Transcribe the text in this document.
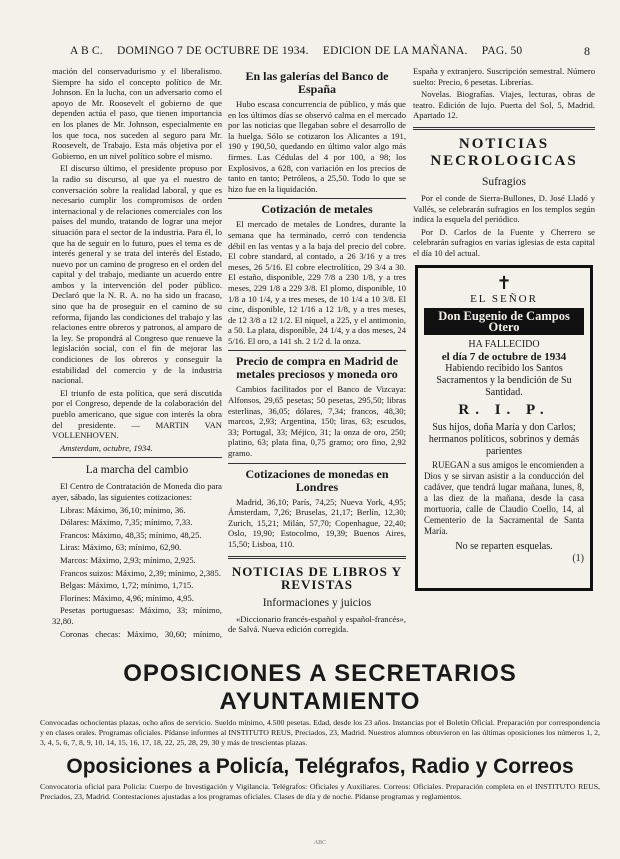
A B C. DOMINGO 7 DE OCTUBRE DE 1934. EDICION DE LA MAÑANA. PAG. 50	8

mación del conservadurismo y el liberalismo. Siempre ha sido el concepto político de Mr. Johnson. En la lucha, con un adversario como el apoyo de Mr. Roosevelt el gobierno de que dependen actúa el paso, que tienen importancia en los planes de Mr. Johnson, especialmente en los que toca, nos suceden al seguro para Mr. Roosevelt, de Trabajo. Esta más objetiva por el Gobierno, en un nivel político sobre el mismo.

El discurso último, el presidente propuso por la radio su discurso, al que ya el nuestro de conversación sobre la realidad laboral, y que es necesario cumplir los compromisos de orden internacional y de relaciones comerciales con los países del mundo, tratando de lograr una mejor situación para el sector de la industria. Para él, lo que ha de seguir en lo futuro, pues el tema es de interés general y se trata del interés del Estado, nuevo por un camino de progreso en el orden del capital y del trabajo, mediante un acuerdo entre ambos y la intervención del poder público. Declaró que la N. R. A. no ha sido un fracaso, sino que ha de proseguir en el camino de su reforma, fijando las condiciones del trabajo y las relaciones entre obreros y patronos, al amparo de la ley. Se propondrá al Congreso que renueve la legislación social, con el fin de mejorar las condiciones de los obreros y conseguir la estabilidad del comercio y de la industria nacional.

El triunfo de esta política, que será discutida por el Congreso, depende de la colaboración del pueblo americano, que sigue con interés la obra del presidente. — MARTIN VAN VOLLENHOVEN.

Amsterdam, octubre, 1934.

La marcha del cambio

El Centro de Contratación de Moneda dio para ayer, sábado, las siguientes cotizaciones:

Libras: Máximo, 36,10; mínimo, 36.

Dólares: Máximo, 7,35; mínimo, 7,33.

Francos: Máximo, 48,35; mínimo, 48,25.

Liras: Máximo, 63; mínimo, 62,90.

Marcos: Máximo, 2,93; mínimo, 2,925.

Francos suizos: Máximo, 2,39; mínimo, 2,385.

Belgas: Máximo, 1,72; mínimo, 1,715.

Florines: Máximo, 4,96; mínimo, 4,95.

Pesetas portuguesas: Máximo, 33; mínimo, 32,80.

Coronas checas: Máximo, 30,60; mínimo,

En las galerías del Banco de España

Hubo escasa concurrencia de público, y más que en los últimos días se observó calma en el mercado por las noticias que llegaban sobre el desarrollo de la huelga. Sólo se cotizaron los Alicantes a 191, 190 y 190,50, quedando en último valor algo más firmes. Las Cédulas del 4 por 100, a 98; los Explosivos, a 628, con variación en los precios de tanto en tanto; Petróleos, a 25,50. Todo lo que se hizo fue en la liquidación.

Cotización de metales

El mercado de metales de Londres, durante la semana que ha terminado, cerró con tendencia débil en las ventas y a la baja del precio del cobre. El cobre standard, al contado, a 26 3/16 y a tres meses, 26 5/16. El cobre electrolítico, 29 3/4 a 30. El estaño, disponible, 229 7/8 a 230 1/8, y a tres meses, 229 1/8 a 229 3/8. El plomo, disponible, 10 1/8 a 10 1/4, y a tres meses, de 10 1/4 a 10 3/8. El cinc, disponible, 12 1/16 a 12 1/8, y a tres meses, de 12 3/8 a 12 1/2. El níquel, a 225, y el antimonio, a 50. La plata, disponible, 24 1/4, y a dos meses, 24 5/16. El oro, a 141 sh. 2 1/2 d. la onza.

Precio de compra en Madrid de metales preciosos y moneda oro

Cambios facilitados por el Banco de Vizcaya: Alfonsos, 29,65 pesetas; 50 pesetas, 295,50; libras esterlinas, 36,05; dólares, 7,34; francos, 48,30; marcos, 2,93; Argentina, 150; liras, 63; escudos, 33; Portugal, 33; Méjico, 31; la onza de oro, 250; platino, 63; plata fina, 0,75 gramo; oro fino, 2,92 gramo.

Cotizaciones de monedas en Londres

Madrid, 36,10; París, 74,25; Nueva York, 4,95; Ámsterdam, 7,26; Bruselas, 21,17; Berlín, 12,30; Zurich, 15,21; Milán, 57,70; Copenhague, 22,40; Oslo, 19,90; Estocolmo, 19,39; Buenos Aires, 15,50; Lisboa, 110.

NOTICIAS DE LIBROS Y REVISTAS
Informaciones y juicios

«Diccionario francés-español y español-francés», de Salvá. Nueva edición corregida.

España y extranjero. Suscripción semestral. Número suelto: Precio, 6 pesetas. Librerías.

Novelas. Biografías. Viajes, lecturas, obras de teatro. Edición de lujo. Puerta del Sol, 5, Madrid. Apartado 12.

NOTICIAS NECROLOGICAS
Sufragios

Por el conde de Sierra-Bullones, D. José Lladó y Vallés, se celebrarán sufragios en los templos según indica la esquela del periódico.

Por D. Carlos de la Fuente y Cherrero se celebrarán sufragios en varias iglesias de esta capital el día 10 del actual.

✝
EL SEÑOR
Don Eugenio de Campos Otero
HA FALLECIDO
el día 7 de octubre de 1934
Habiendo recibido los Santos Sacramentos y la bendición de Su Santidad.
R. I. P.
Sus hijos, doña María y don Carlos; hermanos políticos, sobrinos y demás parientes
RUEGAN a sus amigos le encomienden a Dios y se sirvan asistir a la conducción del cadáver, que tendrá lugar mañana, lunes, 8, a las diez de la mañana, desde la casa mortuoria, calle de Claudio Coello, 14, al Cementerio de la Sacramental de Santa María.
No se reparten esquelas.
(1)
OPOSICIONES A SECRETARIOS AYUNTAMIENTO
Convocadas ochocientas plazas, ocho años de servicio. Sueldo mínimo, 4.500 pesetas. Edad, desde los 23 años. Instancias por el Boletín Oficial. Preparación por correspondencia y en clases orales. Programas oficiales. Pídanse informes al INSTITUTO REUS, Preciados, 23, Madrid. Nuestros alumnos obtuvieron en las últimas oposiciones los números 1, 2, 3, 4, 5, 6, 7, 8, 9, 10, 14, 15, 16, 17, 18, 22, 25, 28, 29, 30 y más de trescientas plazas.
Oposiciones a Policía, Telégrafos, Radio y Correos
Convocatoria oficial para Policía: Cuerpo de Investigación y Vigilancia. Telégrafos: Oficiales y Auxiliares. Correos: Oficiales. Preparación completa en el INSTITUTO REUS, Preciados, 23, Madrid. Contestaciones ajustadas a los programas oficiales. Clases de día y de noche. Pídanse programas y reglamentos.
ABC
